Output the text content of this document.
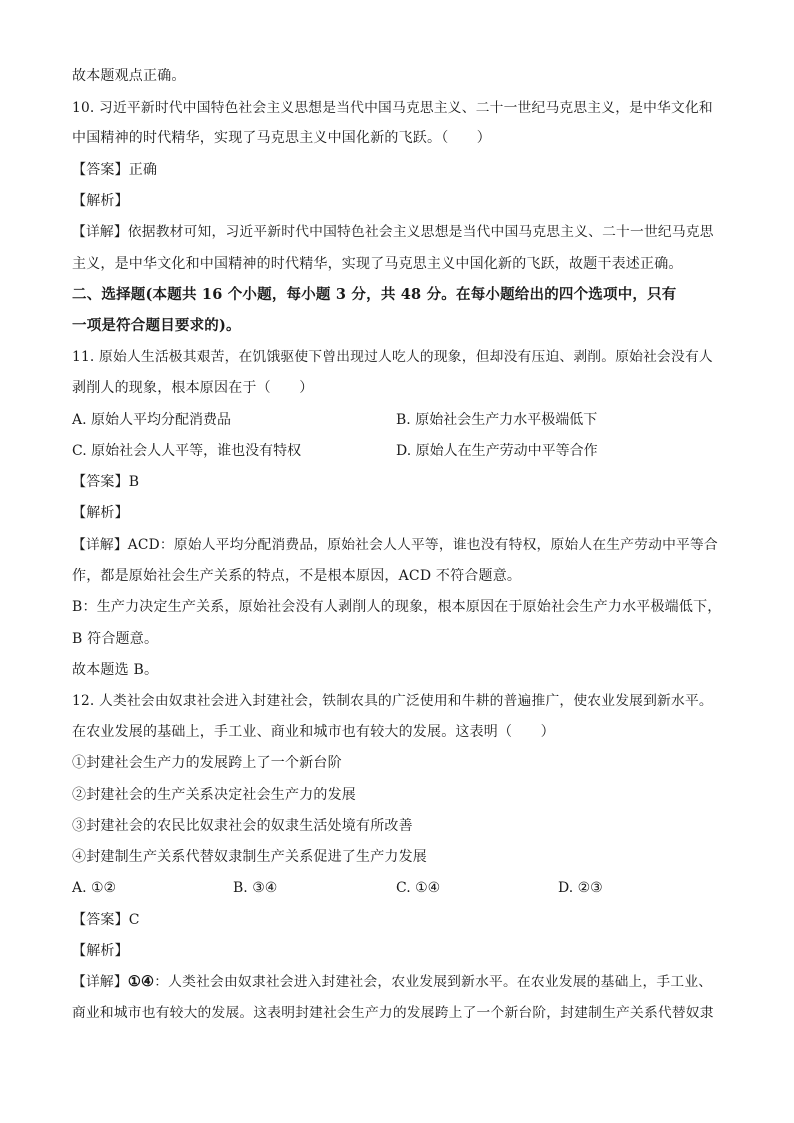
故本题观点正确。
10. 习近平新时代中国特色社会主义思想是当代中国马克思主义、二十一世纪马克思主义，是中华文化和
中国精神的时代精华，实现了马克思主义中国化新的飞跃。（　　）
【答案】正确
【解析】
【详解】依据教材可知，习近平新时代中国特色社会主义思想是当代中国马克思主义、二十一世纪马克思
主义，是中华文化和中国精神的时代精华，实现了马克思主义中国化新的飞跃，故题干表述正确。
二、选择题(本题共 16 个小题，每小题 3 分，共 48 分。在每小题给出的四个选项中，只有
一项是符合题目要求的)。
11. 原始人生活极其艰苦，在饥饿驱使下曾出现过人吃人的现象，但却没有压迫、剥削。原始社会没有人
剥削人的现象，根本原因在于（　　）
A. 原始人平均分配消费品	B. 原始社会生产力水平极端低下
C. 原始社会人人平等，谁也没有特权	D. 原始人在生产劳动中平等合作
【答案】B
【解析】
【详解】ACD：原始人平均分配消费品，原始社会人人平等，谁也没有特权，原始人在生产劳动中平等合
作，都是原始社会生产关系的特点，不是根本原因，ACD 不符合题意。
B：生产力决定生产关系，原始社会没有人剥削人的现象，根本原因在于原始社会生产力水平极端低下，
B 符合题意。
故本题选 B。
12. 人类社会由奴隶社会进入封建社会，铁制农具的广泛使用和牛耕的普遍推广，使农业发展到新水平。
在农业发展的基础上，手工业、商业和城市也有较大的发展。这表明（　　）
①封建社会生产力的发展跨上了一个新台阶
②封建社会的生产关系决定社会生产力的发展
③封建社会的农民比奴隶社会的奴隶生活处境有所改善
④封建制生产关系代替奴隶制生产关系促进了生产力发展
A. ①②	B. ③④	C. ①④	D. ②③
【答案】C
【解析】
【详解】①④：人类社会由奴隶社会进入封建社会，农业发展到新水平。在农业发展的基础上，手工业、
商业和城市也有较大的发展。这表明封建社会生产力的发展跨上了一个新台阶，封建制生产关系代替奴隶
